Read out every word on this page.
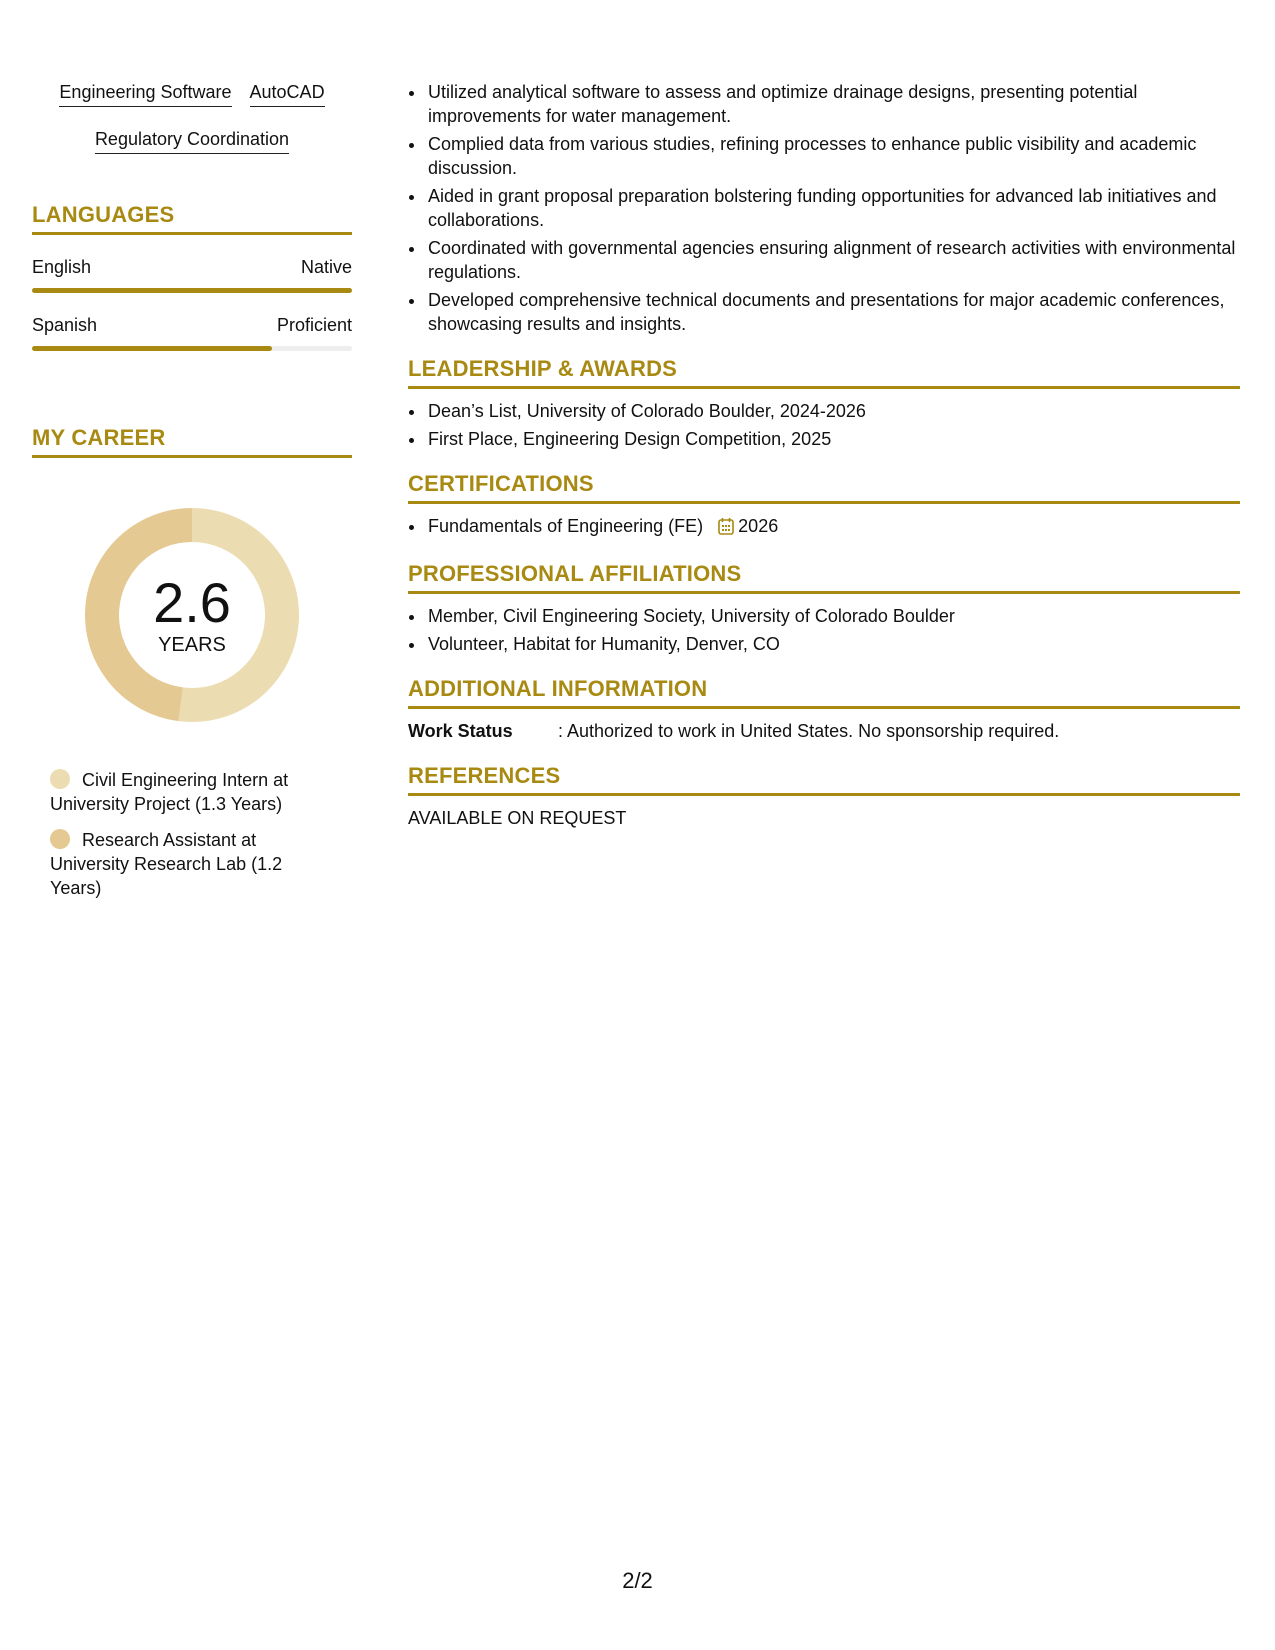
Engineering Software AutoCAD
Regulatory Coordination
LANGUAGES
English	Native
Spanish	Proficient
MY CAREER
2.6
YEARS
Civil Engineering Intern at University Project (1.3 Years)
Research Assistant at University Research Lab (1.2 Years)
• Utilized analytical software to assess and optimize drainage designs, presenting potential improvements for water management.
• Complied data from various studies, refining processes to enhance public visibility and academic discussion.
• Aided in grant proposal preparation bolstering funding opportunities for advanced lab initiatives and collaborations.
• Coordinated with governmental agencies ensuring alignment of research activities with environmental regulations.
• Developed comprehensive technical documents and presentations for major academic conferences, showcasing results and insights.
LEADERSHIP & AWARDS
• Dean’s List, University of Colorado Boulder, 2024-2026
• First Place, Engineering Design Competition, 2025
CERTIFICATIONS
• Fundamentals of Engineering (FE) 2026
PROFESSIONAL AFFILIATIONS
• Member, Civil Engineering Society, University of Colorado Boulder
• Volunteer, Habitat for Humanity, Denver, CO
ADDITIONAL INFORMATION
Work Status	: Authorized to work in United States. No sponsorship required.
REFERENCES
AVAILABLE ON REQUEST
2/2
